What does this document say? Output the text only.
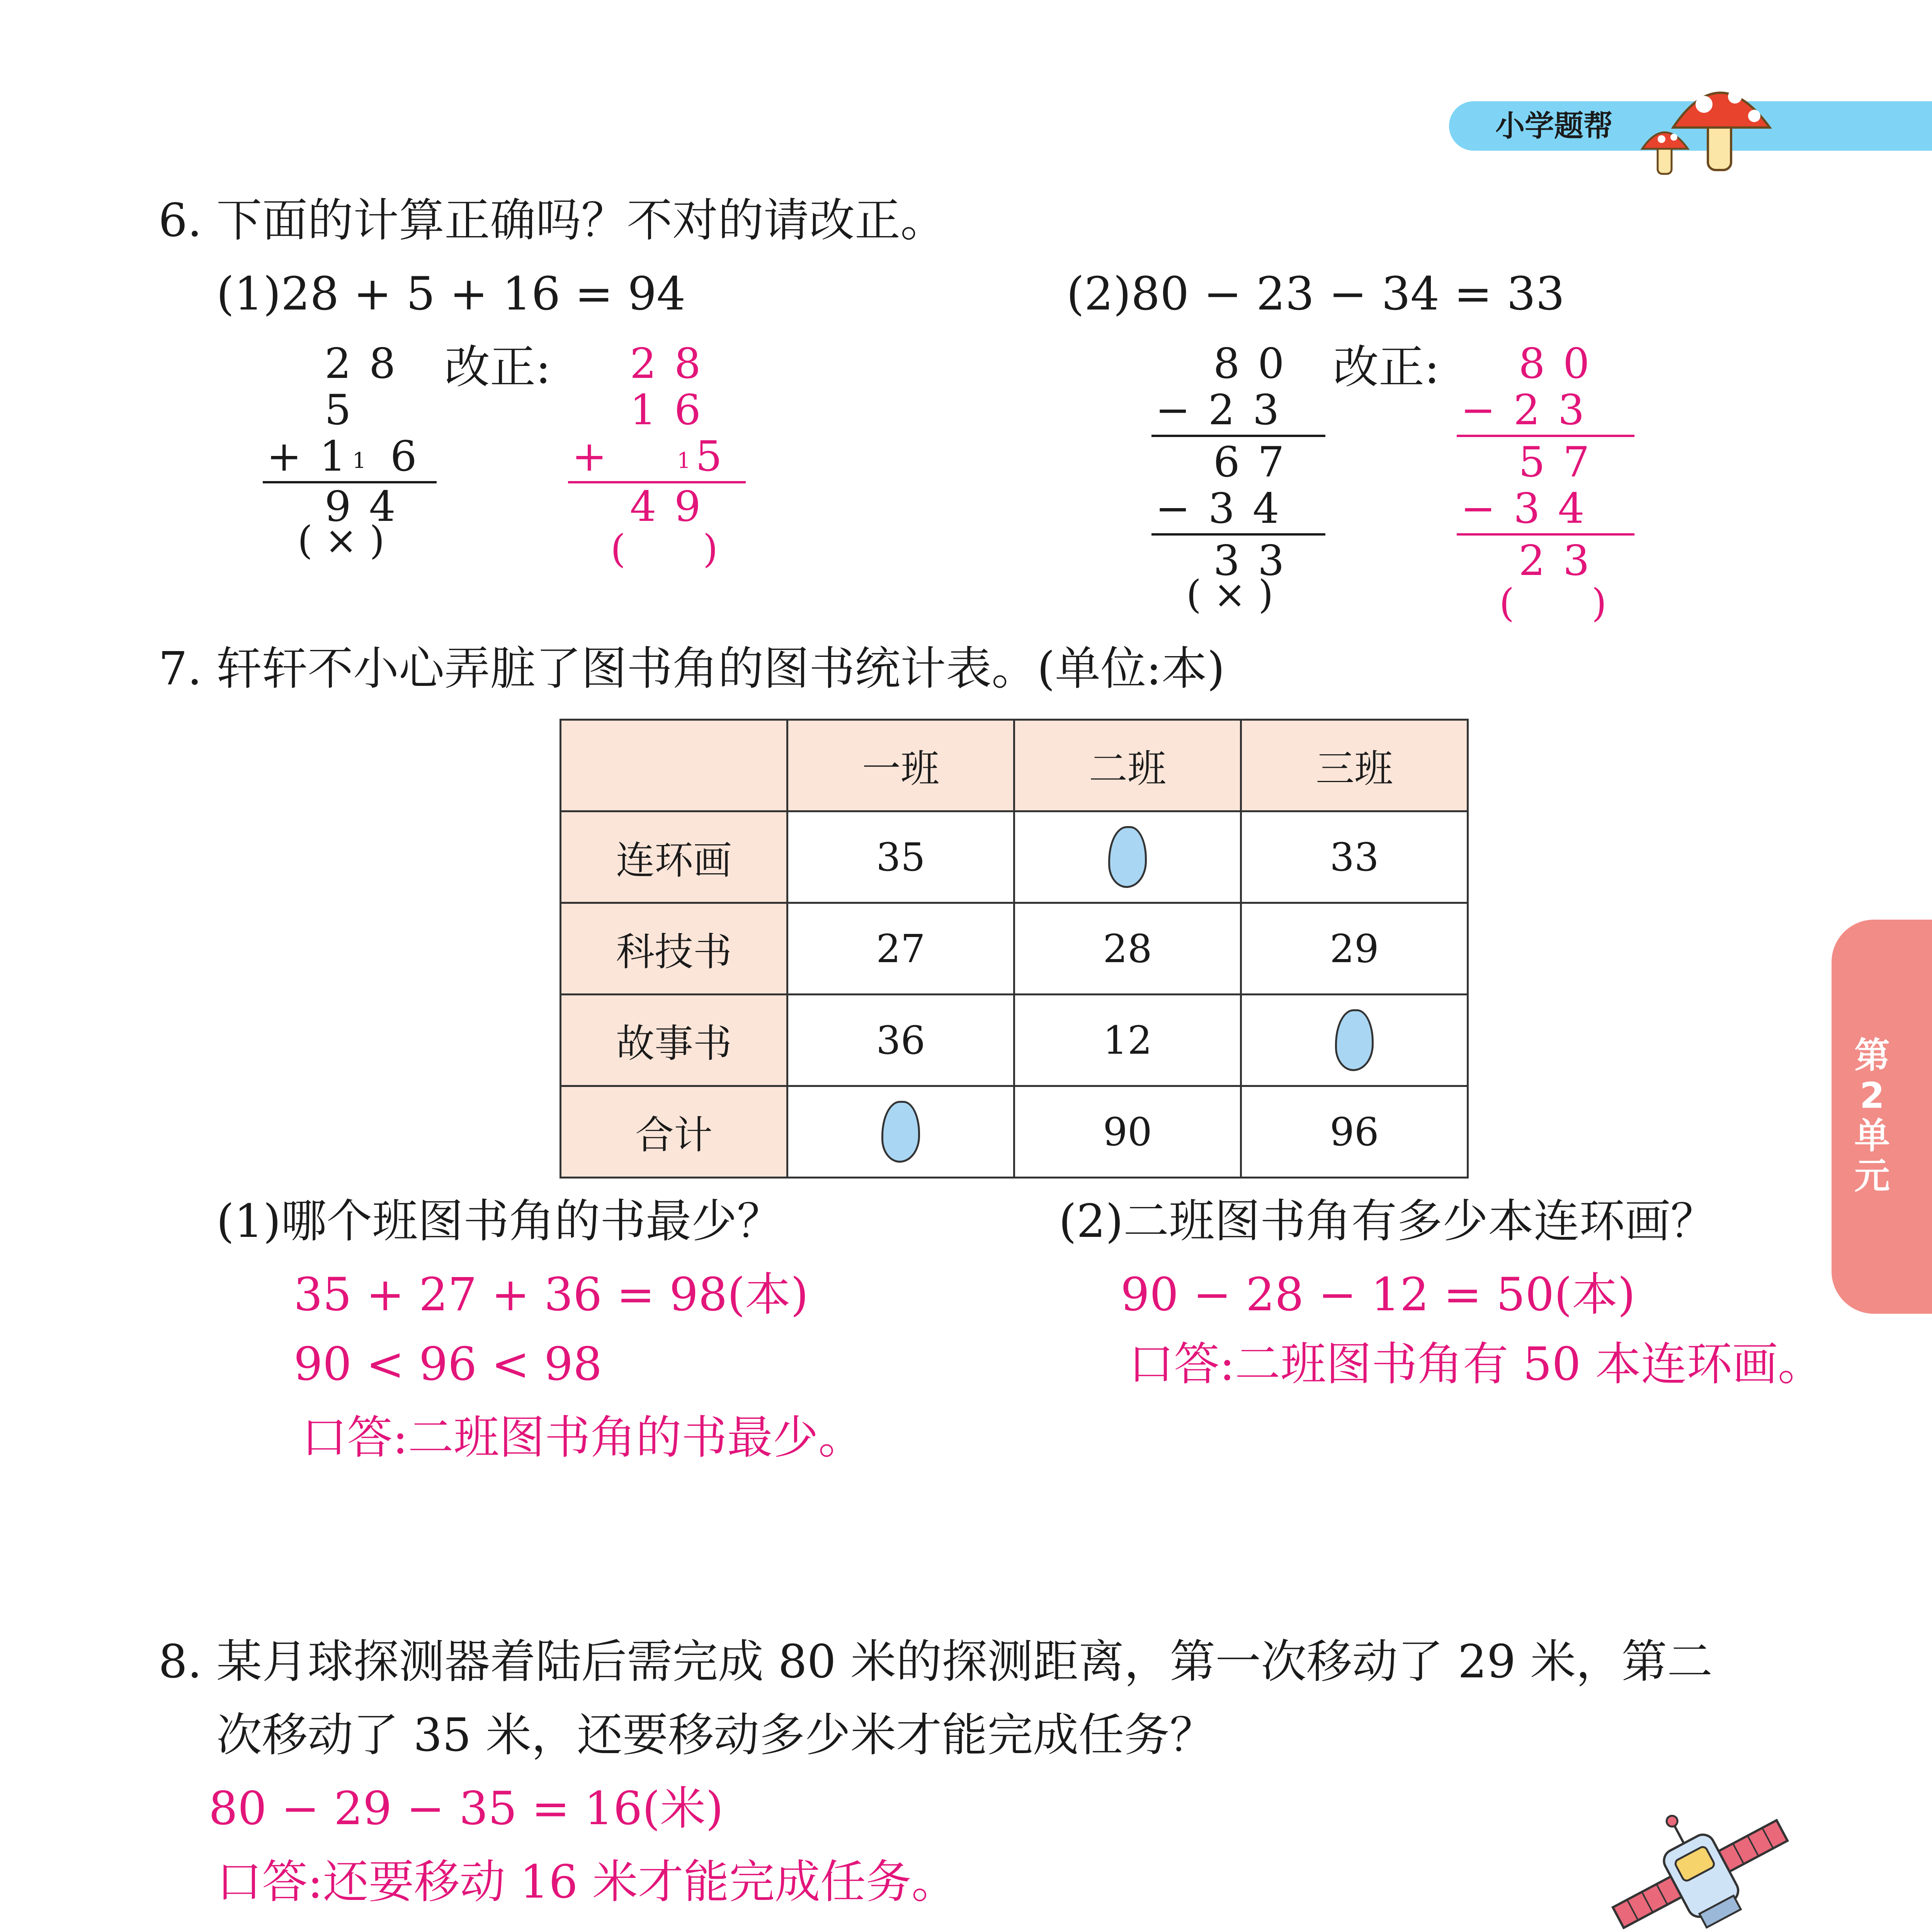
小学题帮
第2单元
6. 下面的计算正确吗？不对的请改正。
(1)28 + 5 + 16 = 94	(2)80 − 23 − 34 = 33
2 8
5
+ 1 1 6
9 4
( × )
改正: 2 8
1 6
+	1 5
4 9
(　　)
8 0
− 2 3
6 7
− 3 4
3 3
( × )
改正: 8 0
− 2 3
5 7
− 3 4
2 3
(　　)
7. 轩轩不小心弄脏了图书角的图书统计表。(单位:本)
	一班	二班	三班
连环画	35		33
科技书	27	28	29
故事书	36	12	
合计		90	96
(1)哪个班图书角的书最少？
35 + 27 + 36 = 98(本)
90 < 96 < 98
口答:二班图书角的书最少。
(2)二班图书角有多少本连环画？
90 − 28 − 12 = 50(本)
口答:二班图书角有 50 本连环画。
8. 某月球探测器着陆后需完成 80 米的探测距离，第一次移动了 29 米，第二
次移动了 35 米，还要移动多少米才能完成任务？
80 − 29 − 35 = 16(米)
口答:还要移动 16 米才能完成任务。
